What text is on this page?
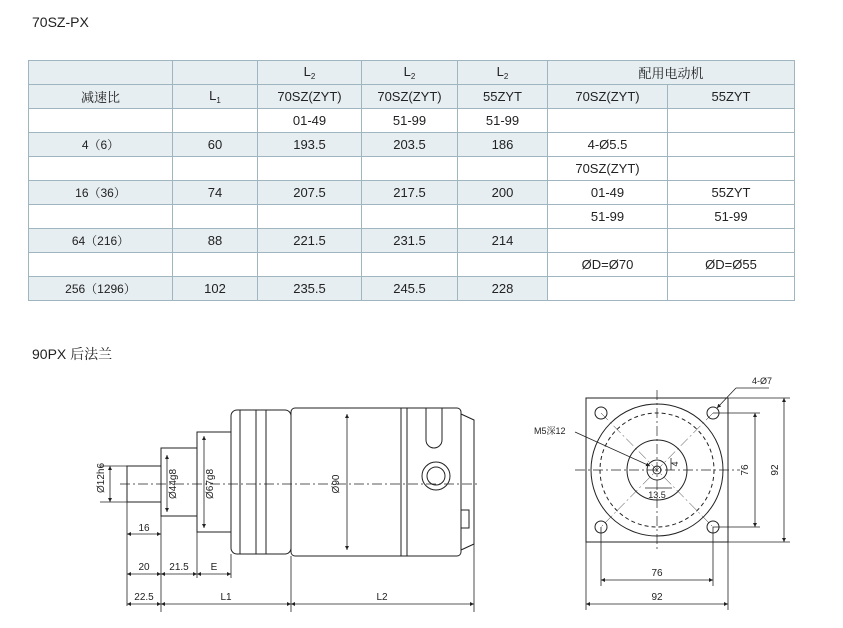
70SZ-PX
		$L_2$	$L_2$	$L_2$	配用电动机	
减速比	$L_1$	70SZ(ZYT)	70SZ(ZYT)	55ZYT	70SZ(ZYT)	55ZYT
		01-49	51-99	51-99		
4（6）	60	193.5	203.5	186	4-Ø5.5	
					70SZ(ZYT)	
16（36）	74	207.5	217.5	200	01-49	55ZYT
					51-99	51-99
64（216）	88	221.5	231.5	214		
					ØD=Ø70	ØD=Ø55
256（1296）	102	235.5	245.5	228		
90PX 后法兰
Ø12h6	Ø44g8	Ø67g8	Ø90
16
20 21.5 E
22.5	L1	L2
4-Ø7
M5深12
4
13.5
76 92
76
92
